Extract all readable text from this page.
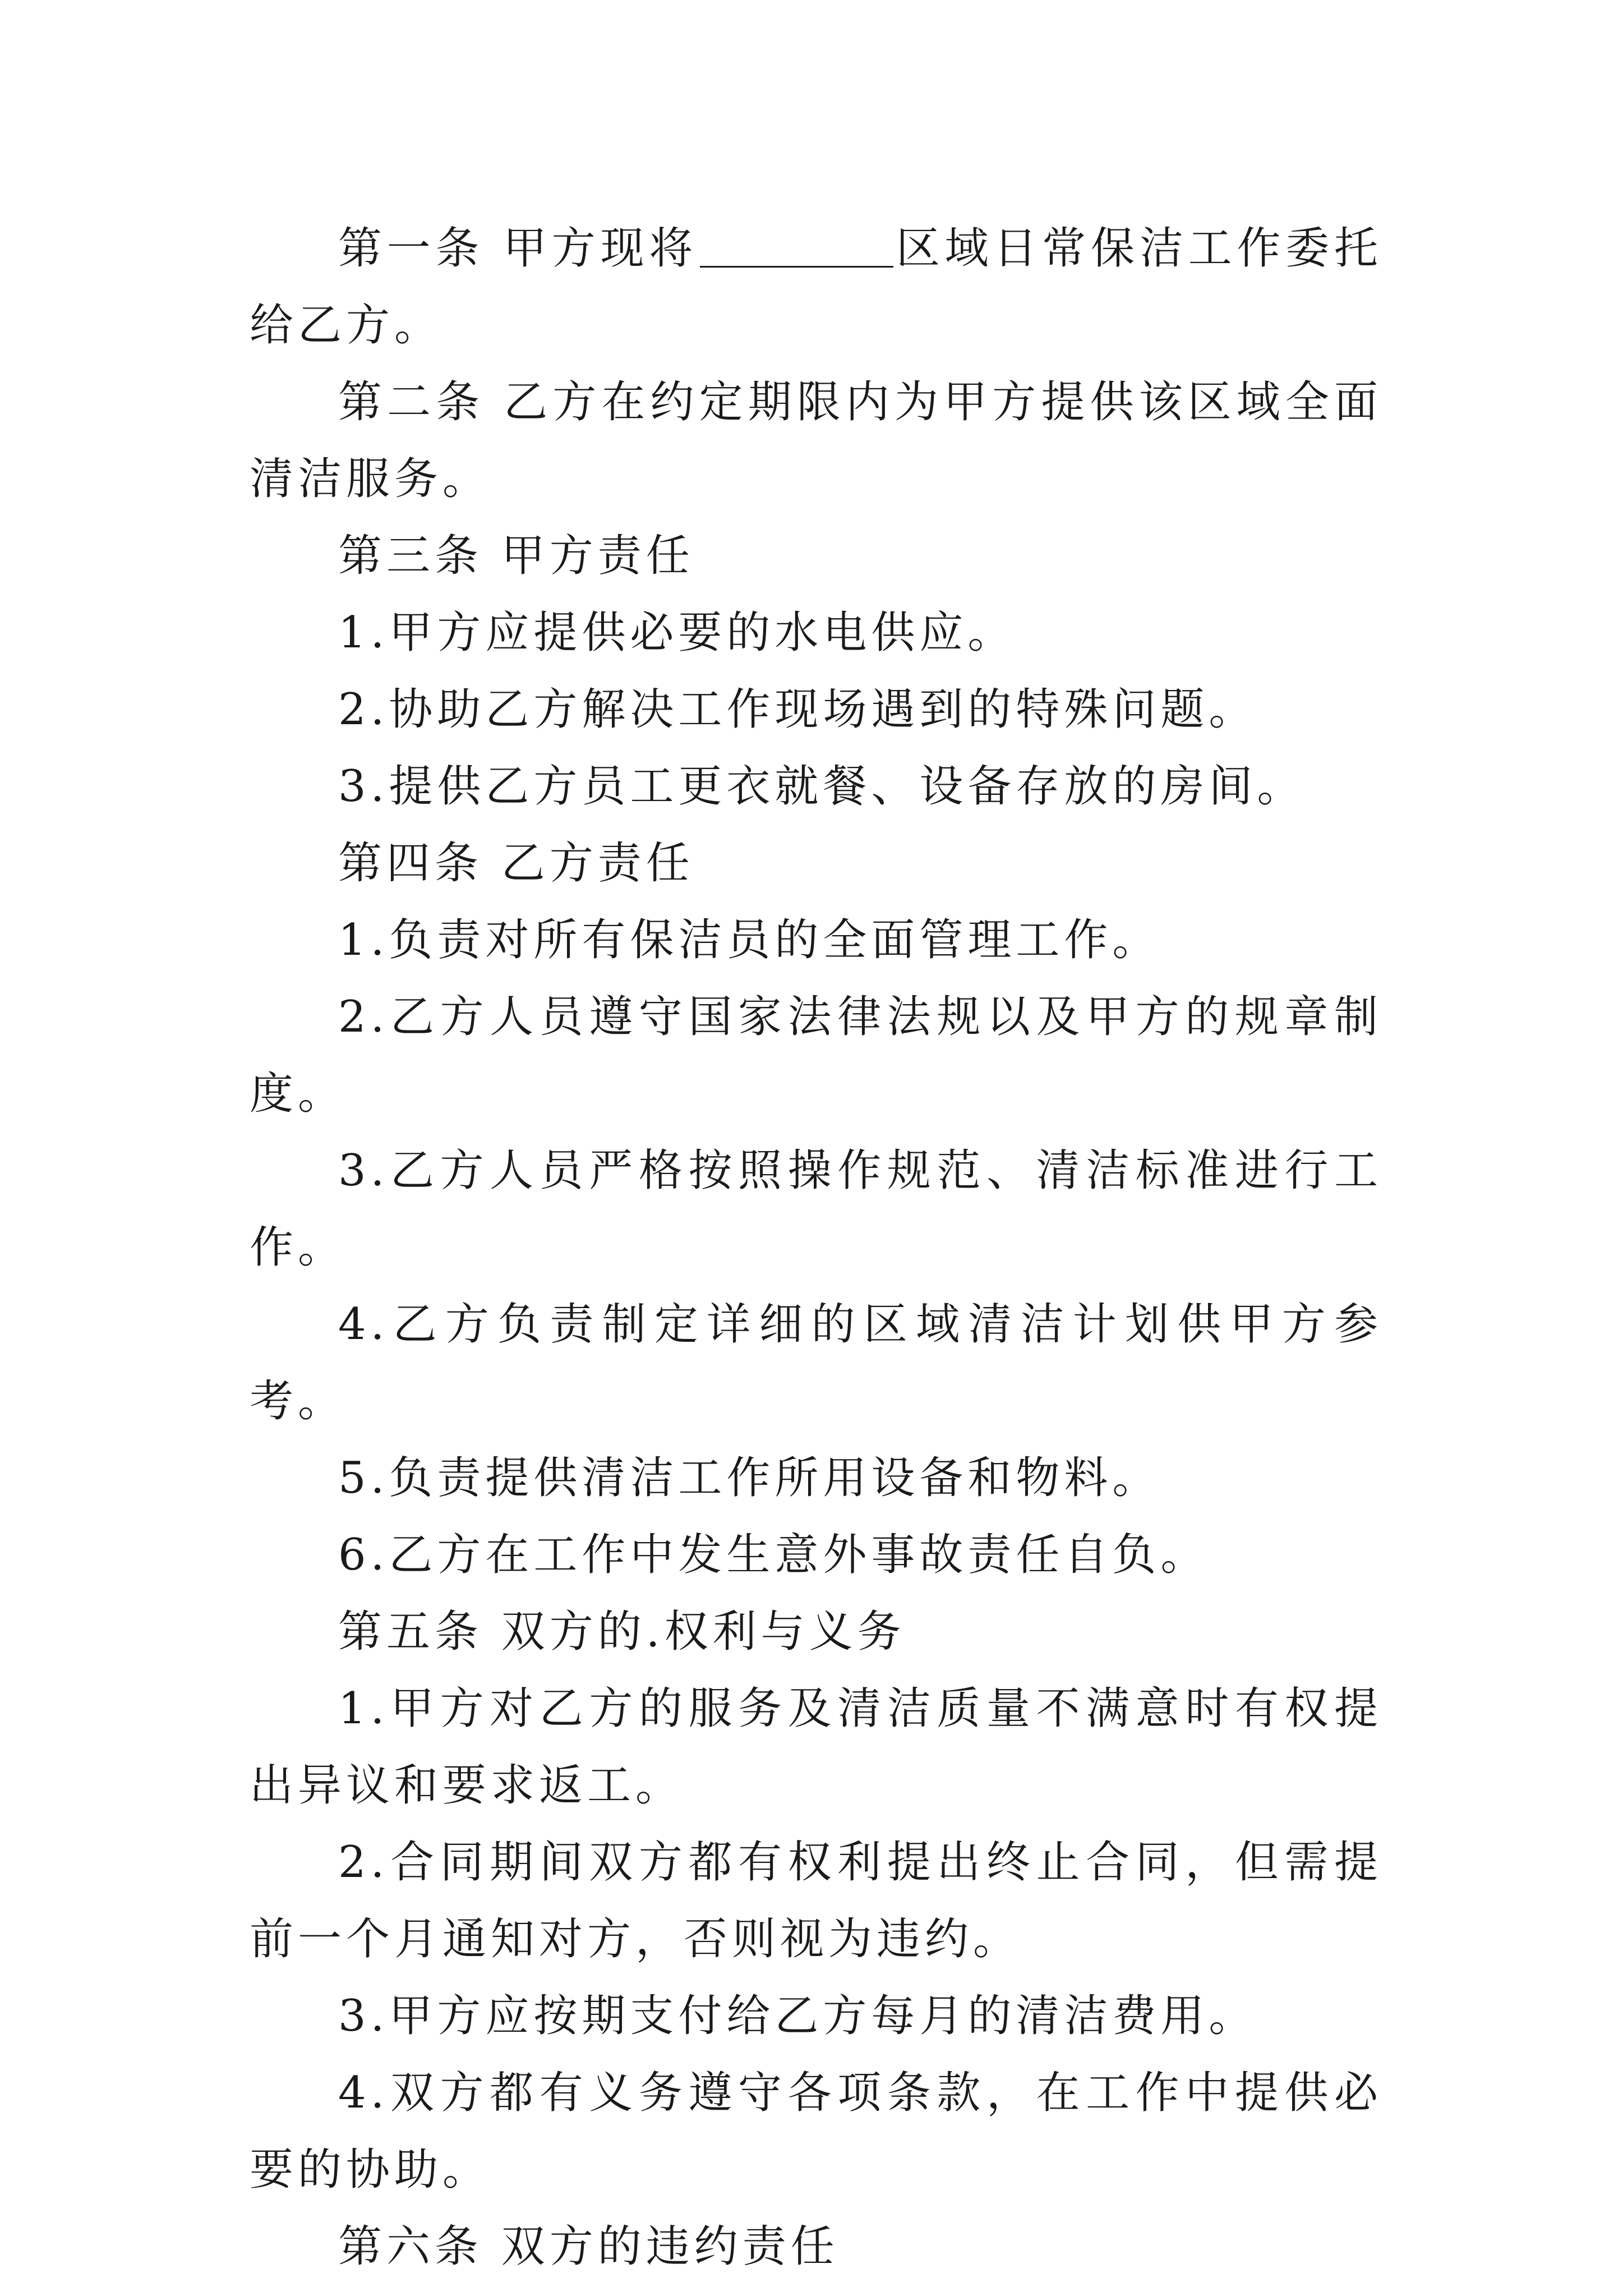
第一条 甲方现将	区域日常保洁工作委托给乙方。

第二条 乙方在约定期限内为甲方提供该区域全面清洁服务。

第三条 甲方责任

1.甲方应提供必要的水电供应。

2.协助乙方解决工作现场遇到的特殊问题。

3.提供乙方员工更衣就餐、设备存放的房间。

第四条 乙方责任

1.负责对所有保洁员的全面管理工作。

2.乙方人员遵守国家法律法规以及甲方的规章制度。

3.乙方人员严格按照操作规范、清洁标准进行工作。

4.乙方负责制定详细的区域清洁计划供甲方参考。

5.负责提供清洁工作所用设备和物料。

6.乙方在工作中发生意外事故责任自负。

第五条 双方的.权利与义务

1.甲方对乙方的服务及清洁质量不满意时有权提出异议和要求返工。

2.合同期间双方都有权利提出终止合同，但需提前一个月通知对方，否则视为违约。

3.甲方应按期支付给乙方每月的清洁费用。

4.双方都有义务遵守各项条款，在工作中提供必要的协助。

第六条 双方的违约责任
